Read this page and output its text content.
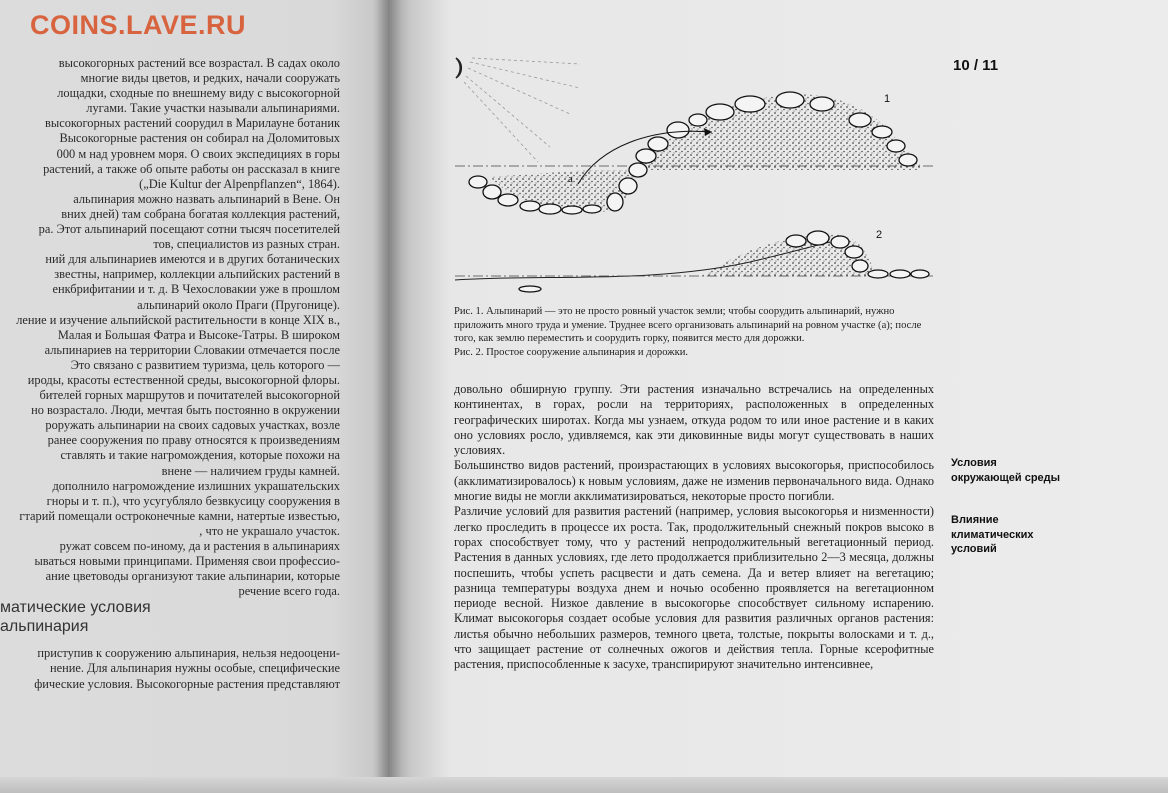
COINS.LAVE.RU
высокогорных растений все возрастал. В садах около
многие виды цветов, и редких, начали сооружать
лощадки, сходные по внешнему виду с высокогорной
лугами. Такие участки называли альпинариями.
высокогорных растений соорудил в Марилауне ботаник
Высокогорные растения он собирал на Доломитовых
000 м над уровнем моря. О своих экспедициях в горы
растений, а также об опыте работы он рассказал в книге
(„Die Kultur der Alpenpflanzen“, 1864).
альпинария можно назвать альпинарий в Вене. Он
вних дней) там собрана богатая коллекция растений,
ра. Этот альпинарий посещают сотни тысяч посетителей
тов, специалистов из разных стран.
ний для альпинариев имеются и в других ботанических
звестны, например, коллекции альпийских растений в
енкбрифитании и т. д. В Чехословакии уже в прошлом
альпинарий около Праги (Пругонице).
ление и изучение альпийской растительности в конце XIX в.,
Малая и Большая Фатра и Высоке-Татры. В широком
альпинариев на территории Словакии отмечается после
Это связано с развитием туризма, цель которого —
ироды, красоты естественной среды, высокогорной флоры.
бителей горных маршрутов и почитателей высокогорной
но возрастало. Люди, мечтая быть постоянно в окружении
роружать альпинарии на своих садовых участках, возле
ранее сооружения по праву относятся к произведениям
ставлять и такие нагромождения, которые похожи на
внене — наличием груды камней.
дополнило нагромождение излишних украшательских
гноры и т. п.), что усугубляло безвкусицу сооружения в
гтарий помещали остроконечные камни, натертые известью,
, что не украшало участок.
ружат совсем по-иному, да и растения в альпинариях
ываться новыми принципами. Применяя свои профессио-
ание цветоводы организуют такие альпинарии, которые
речение всего года.
матические условия
альпинария
приступив к сооружению альпинария, нельзя недооцени-
нение. Для альпинария нужны особые, специфические
фические условия. Высокогорные растения представляют
10 / 11
а
1
2
Рис. 1. Альпинарий — это не просто ровный участок земли; чтобы соорудить альпинарий, нужно приложить много труда и умение. Труднее всего организовать альпинарий на ровном участке (а); после того, как землю переместить и соорудить горку, появится место для дорожки.
Рис. 2. Простое сооружение альпинария и дорожки.

довольно обширную группу. Эти растения изначально встречались на определенных континентах, в горах, росли на территориях, расположенных в определенных географических широтах. Когда мы узнаем, откуда родом то или иное растение и в каких оно условиях росло, удивляемся, как эти диковинные виды могут существовать в наших условиях.

Большинство видов растений, произрастающих в условиях высокогорья, приспособилось (акклиматизировалось) к новым условиям, даже не изменив первоначального вида. Однако многие виды не могли акклиматизироваться, некоторые просто погибли.

Различие условий для развития растений (например, условия высокогорья и низменности) легко проследить в процессе их роста. Так, продолжительный снежный покров высоко в горах способствует тому, что у растений непродолжительный вегетационный период. Растения в данных условиях, где лето продолжается приблизительно 2—3 месяца, должны поспешить, чтобы успеть расцвести и дать семена. Да и ветер влияет на вегетацию; разница температуры воздуха днем и ночью особенно проявляется на вегетационном периоде весной. Низкое давление в высокогорье способствует сильному испарению. Климат высокогорья создает особые условия для развития различных органов растения: листья обычно небольших размеров, темного цвета, толстые, покрыты волосками и т. д., что защищает растение от солнечных ожогов и действия тепла. Горные ксерофитные растения, приспособленные к засухе, транспирируют значительно интенсивнее,

Условия
окружающей среды
Влияние
климатических
условий
